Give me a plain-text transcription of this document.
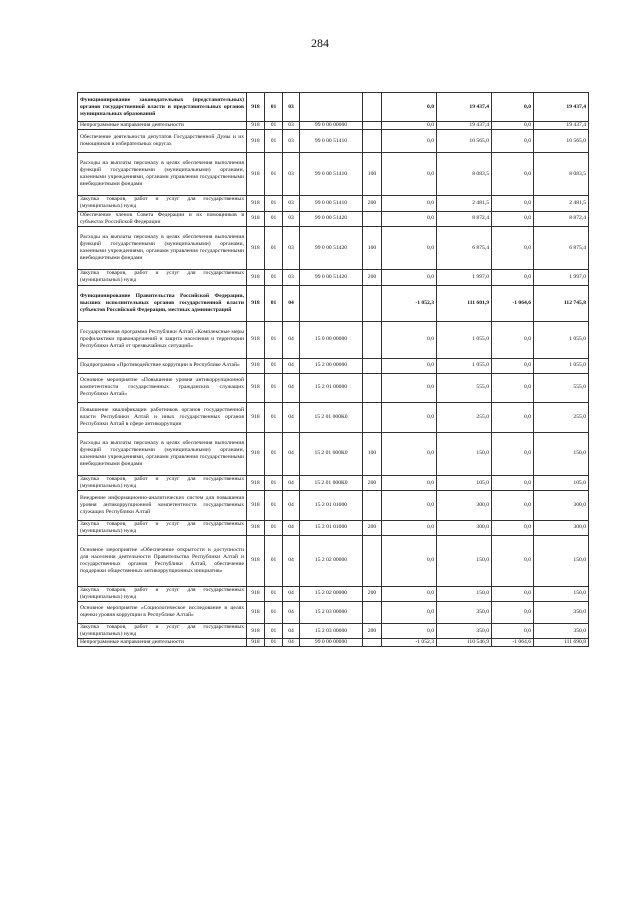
284
Функционирование законодательных (представительных) органов государственной власти и представительных органов муниципальных образований	918	01	03			0,0	19 437,4	0,0	19 437,4
Непрограммные направления деятельности	918	01	03	99 0 00 00000		0,0	19 437,4	0,0	19 437,4
Обеспечение деятельности депутатов Государственной Думы и их помощников в избирательных округах	918	01	03	99 0 00 51410		0,0	10 565,0	0,0	10 565,0
Расходы на выплаты персоналу в целях обеспечения выполнения функций государственными (муниципальными) органами, казенными учреждениями, органами управления государственными внебюджетными фондами	918	01	03	99 0 00 51410	100	0,0	8 083,5	0,0	8 083,5
Закупка товаров, работ и услуг для государственных (муниципальных) нужд	918	01	03	99 0 00 51410	200	0,0	2 481,5	0,0	2 481,5
Обеспечение членов Совета Федерации и их помощников в субъектах Российской Федерации	918	01	03	99 0 00 51420		0,0	8 872,4	0,0	8 872,4
Расходы на выплаты персоналу в целях обеспечения выполнения функций государственными (муниципальными) органами, казенными учреждениями, органами управления государственными внебюджетными фондами	918	01	03	99 0 00 51420	100	0,0	6 875,4	0,0	6 875,4
Закупка товаров, работ и услуг для государственных (муниципальных) нужд	918	01	03	99 0 00 51420	200	0,0	1 997,0	0,0	1 997,0
Функционирование Правительства Российской Федерации, высших исполнительных органов государственной власти субъектов Российской Федерации, местных администраций	918	01	04			-1 052,3	111 601,9	-1 064,6	112 745,8
Государственная программа Республики Алтай «Комплексные меры профилактики правонарушений и защита населения и территории Республики Алтай от чрезвычайных ситуаций»	918	01	04	15 0 00 00000		0,0	1 055,0	0,0	1 055,0
Подпрограмма «Противодействие коррупции в Республике Алтай»	918	01	04	15 2 00 00000		0,0	1 055,0	0,0	1 055,0
Основное мероприятие «Повышение уровня антикоррупционной компетентности государственных гражданских служащих Республики Алтай»	918	01	04	15 2 01 00000		0,0	555,0	0,0	555,0
Повышение квалификации работников органов государственной власти Республики Алтай и иных государственных органов Республики Алтай в сфере антикоррупции	918	01	04	15 2 01 000К0		0,0	255,0	0,0	255,0
Расходы на выплаты персоналу в целях обеспечения выполнения функций государственными (муниципальными) органами, казенными учреждениями, органами управления государственными внебюджетными фондами	918	01	04	15 2 01 000К0	100	0,0	150,0	0,0	150,0
Закупка товаров, работ и услуг для государственных (муниципальных) нужд	918	01	04	15 2 01 000К0	200	0,0	105,0	0,0	105,0
Внедрение информационно-аналитических систем для повышения уровня антикоррупционной компетентности государственных служащих Республики Алтай	918	01	04	15 2 01 01000		0,0	300,0	0,0	300,0
Закупка товаров, работ и услуг для государственных (муниципальных) нужд	918	01	04	15 2 01 01000	200	0,0	300,0	0,0	300,0
Основное мероприятие «Обеспечение открытости и доступности для населения деятельности Правительства Республики Алтай и государственных органов Республики Алтай, обеспечение поддержки общественных антикоррупционных инициатив»	918	01	04	15 2 02 00000		0,0	150,0	0,0	150,0
Закупка товаров, работ и услуг для государственных (муниципальных) нужд	918	01	04	15 2 02 00000	200	0,0	150,0	0,0	150,0
Основное мероприятие «Социологическое исследование в целях оценки уровня коррупции в Республике Алтай»	918	01	04	15 2 03 00000		0,0	350,0	0,0	350,0
Закупка товаров, работ и услуг для государственных (муниципальных) нужд	918	01	04	15 2 03 00000	200	0,0	350,0	0,0	350,0
Непрограммные направления деятельности	918	01	04	99 0 00 00000		-1 052,3	110 546,9	-1 064,6	111 690,8
